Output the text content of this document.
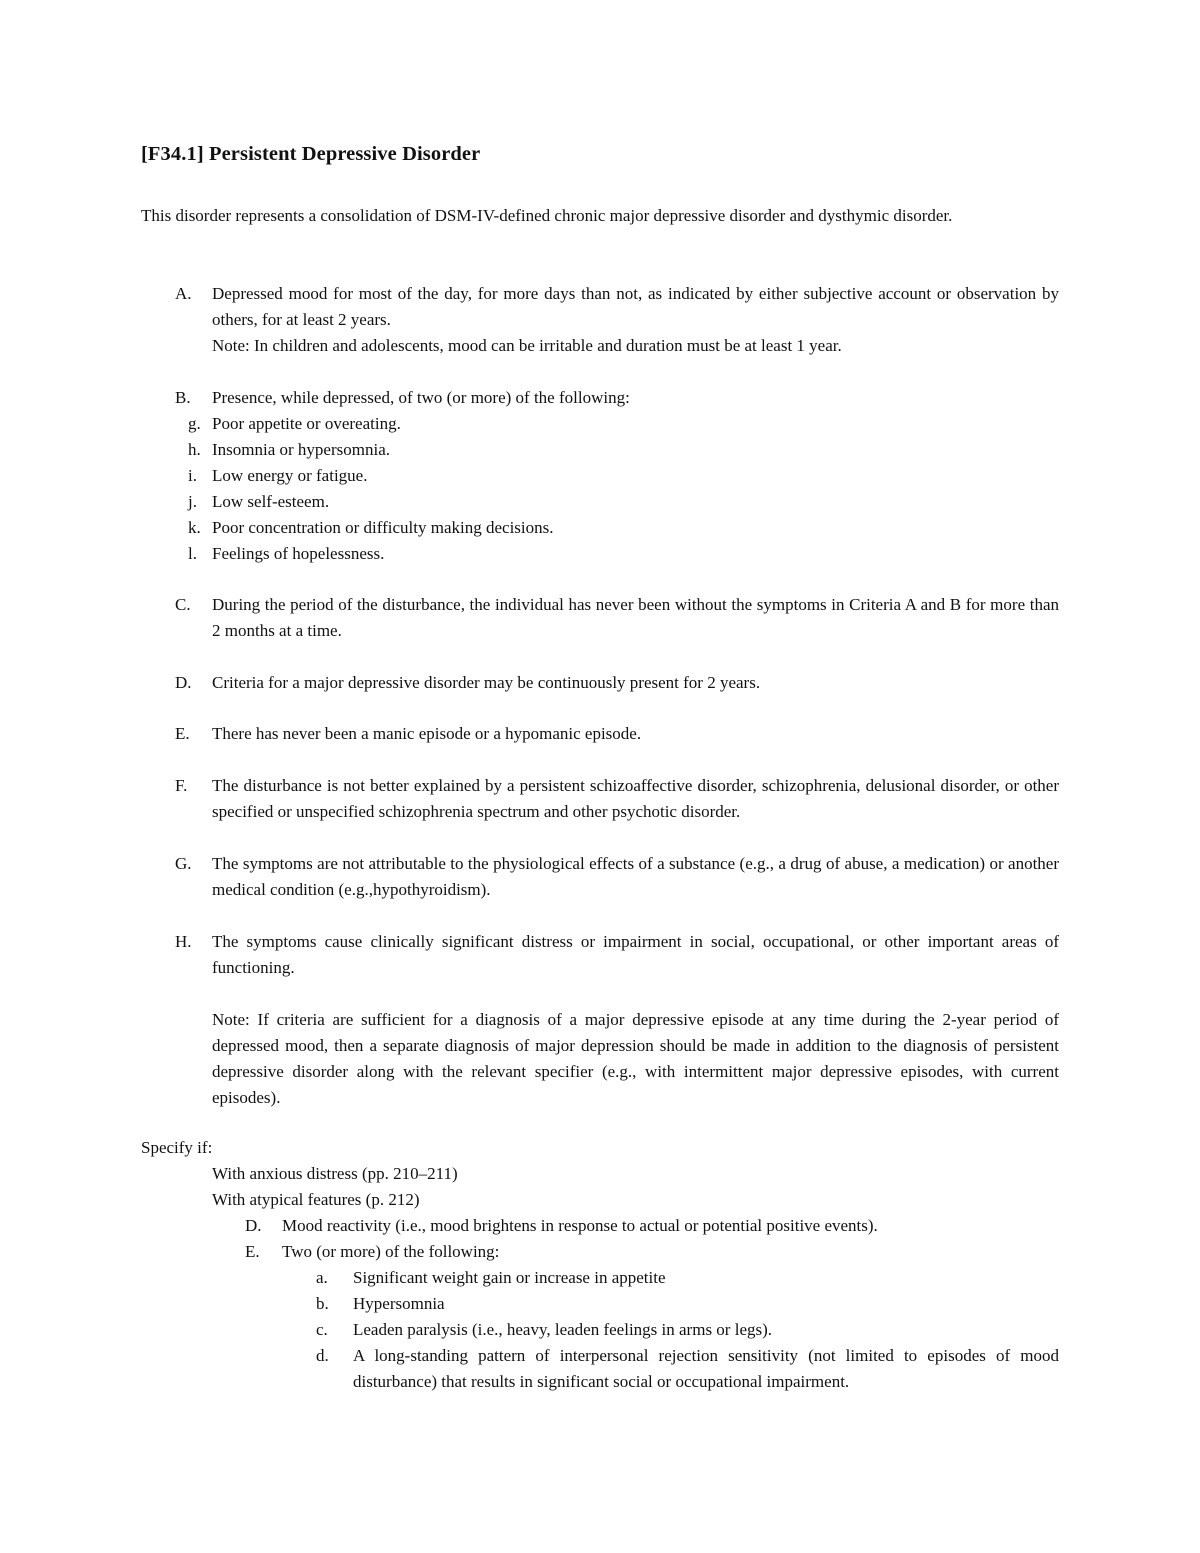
[F34.1] Persistent Depressive Disorder

This disorder represents a consolidation of DSM-IV-defined chronic major depressive disorder and dysthymic disorder.

A. Depressed mood for most of the day, for more days than not, as indicated by either subjective account or observation by others, for at least 2 years.
Note: In children and adolescents, mood can be irritable and duration must be at least 1 year.
B. Presence, while depressed, of two (or more) of the following:
g. Poor appetite or overeating.
h. Insomnia or hypersomnia.
i. Low energy or fatigue.
j. Low self-esteem.
k. Poor concentration or difficulty making decisions.
l. Feelings of hopelessness.
C. During the period of the disturbance, the individual has never been without the symptoms in Criteria A and B for more than 2 months at a time.
D. Criteria for a major depressive disorder may be continuously present for 2 years.
E. There has never been a manic episode or a hypomanic episode.
F. The disturbance is not better explained by a persistent schizoaffective disorder, schizophrenia, delusional disorder, or other specified or unspecified schizophrenia spectrum and other psychotic disorder.
G. The symptoms are not attributable to the physiological effects of a substance (e.g., a drug of abuse, a medication) or another medical condition (e.g.,hypothyroidism).
H. The symptoms cause clinically significant distress or impairment in social, occupational, or other important areas of functioning.
Note: If criteria are sufficient for a diagnosis of a major depressive episode at any time during the 2-year period of depressed mood, then a separate diagnosis of major depression should be made in addition to the diagnosis of persistent depressive disorder along with the relevant specifier (e.g., with intermittent major depressive episodes, with current episodes).
Specify if:
With anxious distress (pp. 210–211)
With atypical features (p. 212)
D. Mood reactivity (i.e., mood brightens in response to actual or potential positive events).
E. Two (or more) of the following:
a. Significant weight gain or increase in appetite
b. Hypersomnia
c. Leaden paralysis (i.e., heavy, leaden feelings in arms or legs).
d. A long-standing pattern of interpersonal rejection sensitivity (not limited to episodes of mood disturbance) that results in significant social or occupational impairment.
